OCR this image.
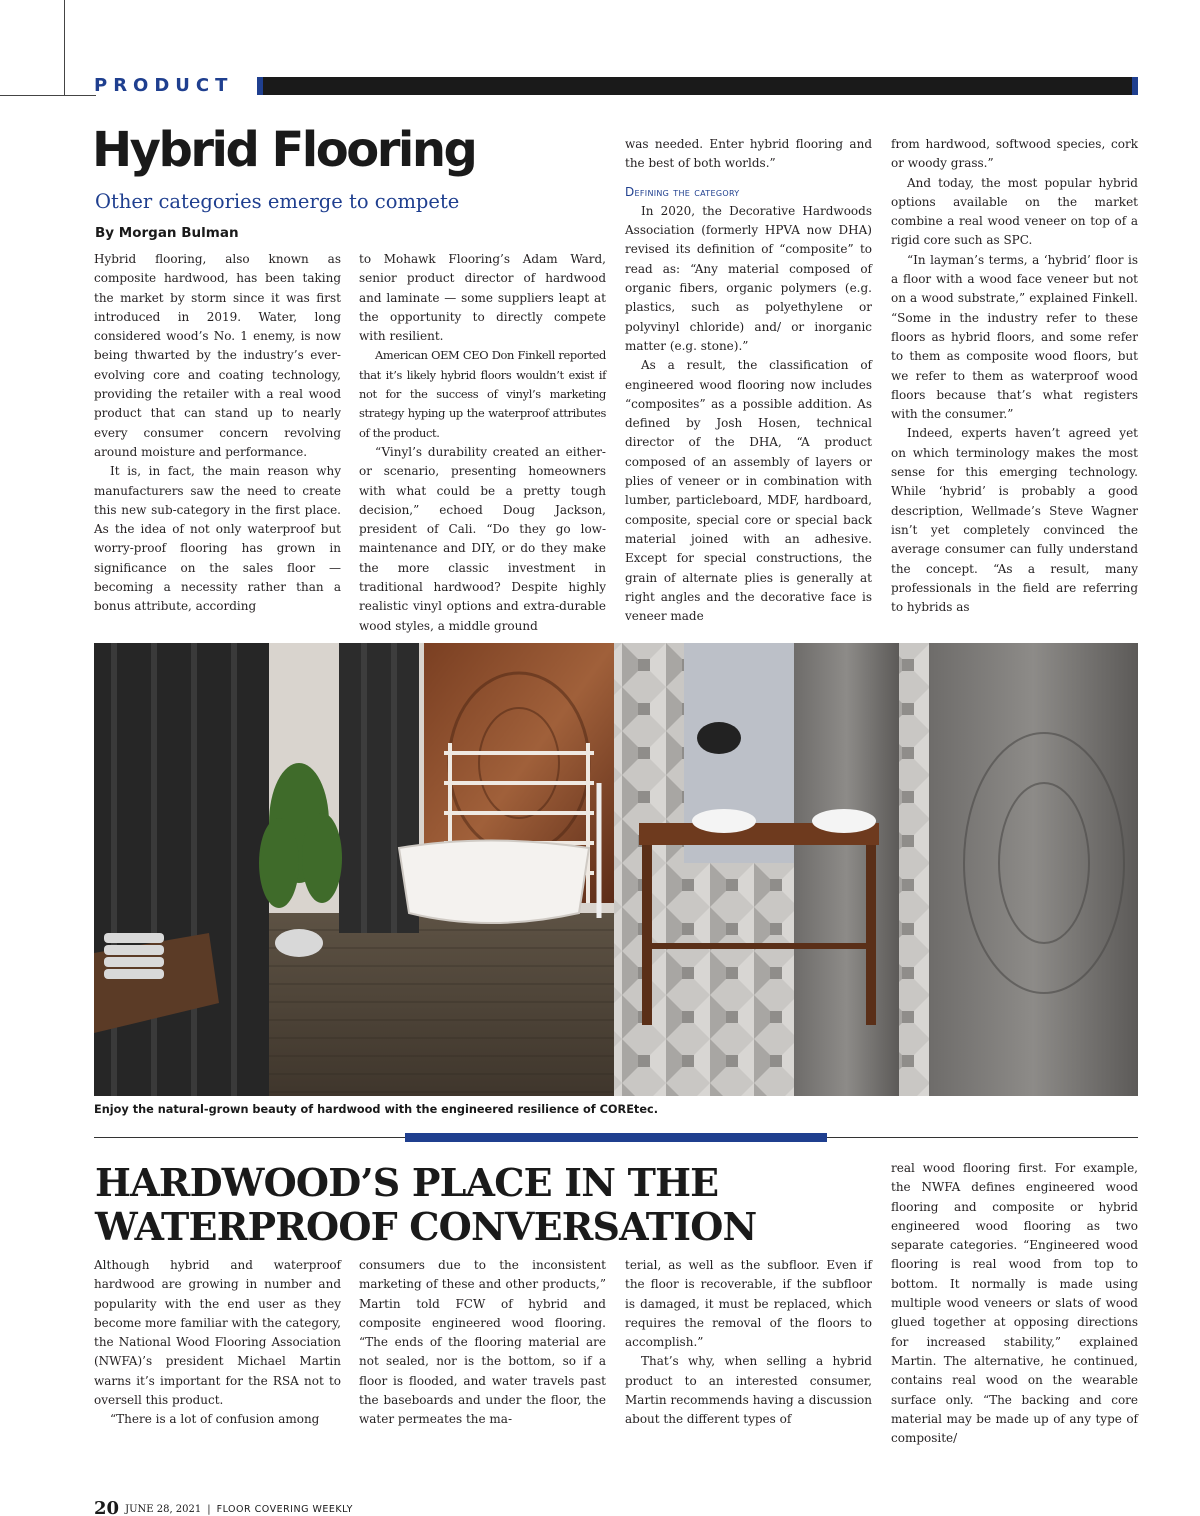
PRODUCT
Hybrid Flooring
Other categories emerge to compete
By Morgan Bulman

Hybrid flooring, also known as composite hardwood, has been taking the market by storm since it was first introduced in 2019. Water, long considered wood’s No. 1 enemy, is now being thwarted by the industry’s ever-evolving core and coating technology, providing the retailer with a real wood product that can stand up to nearly every consumer concern revolving around moisture and performance.

It is, in fact, the main reason why manufacturers saw the need to create this new sub-category in the first place. As the idea of not only waterproof but worry-proof flooring has grown in significance on the sales floor — becoming a necessity rather than a bonus attribute, according

to Mohawk Flooring’s Adam Ward, senior product director of hardwood and laminate — some suppliers leapt at the opportunity to directly compete with resilient.

American OEM CEO Don Finkell reported that it’s likely hybrid floors wouldn’t exist if not for the success of vinyl’s marketing strategy hyping up the waterproof attributes of the product.

“Vinyl’s durability created an either-or scenario, presenting homeowners with what could be a pretty tough decision,” echoed Doug Jackson, president of Cali. “Do they go low-maintenance and DIY, or do they make the more classic investment in traditional hardwood? Despite highly realistic vinyl options and extra-durable wood styles, a middle ground

was needed. Enter hybrid flooring and the best of both worlds.”

Defining the category

In 2020, the Decorative Hardwoods Association (formerly HPVA now DHA) revised its definition of “composite” to read as: “Any material composed of organic fibers, organic polymers (e.g. plastics, such as polyethylene or polyvinyl chloride) and/ or inorganic matter (e.g. stone).”

As a result, the classification of engineered wood flooring now includes “composites” as a possible addition. As defined by Josh Hosen, technical director of the DHA, “A product composed of an assembly of layers or plies of veneer or in combination with lumber, particleboard, MDF, hardboard, composite, special core or special back material joined with an adhesive. Except for special constructions, the grain of alternate plies is generally at right angles and the decorative face is veneer made

from hardwood, softwood species, cork or woody grass.”

And today, the most popular hybrid options available on the market combine a real wood veneer on top of a rigid core such as SPC.

“In layman’s terms, a ‘hybrid’ floor is a floor with a wood face veneer but not on a wood substrate,” explained Finkell. “Some in the industry refer to these floors as hybrid floors, and some refer to them as composite wood floors, but we refer to them as waterproof wood floors because that’s what registers with the consumer.”

Indeed, experts haven’t agreed yet on which terminology makes the most sense for this emerging technology. While ‘hybrid’ is probably a good description, Wellmade’s Steve Wagner isn’t yet completely convinced the average consumer can fully understand the concept. “As a result, many professionals in the field are referring to hybrids as

Enjoy the natural-grown beauty of hardwood with the engineered resilience of COREtec.
HARDWOOD’S PLACE IN THE WATERPROOF CONVERSATION

Although hybrid and waterproof hardwood are growing in number and popularity with the end user as they become more familiar with the category, the National Wood Flooring Association (NWFA)’s president Michael Martin warns it’s important for the RSA not to oversell this product.

“There is a lot of confusion among

consumers due to the inconsistent marketing of these and other products,” Martin told FCW of hybrid and composite engineered wood flooring. “The ends of the flooring material are not sealed, nor is the bottom, so if a floor is flooded, and water travels past the baseboards and under the floor, the water permeates the ma-

terial, as well as the subfloor. Even if the floor is recoverable, if the subfloor is damaged, it must be replaced, which requires the removal of the floors to accomplish.”

That’s why, when selling a hybrid product to an interested consumer, Martin recommends having a discussion about the different types of

real wood flooring first. For example, the NWFA defines engineered wood flooring and composite or hybrid engineered wood flooring as two separate categories. “Engineered wood flooring is real wood from top to bottom. It normally is made using multiple wood veneers or slats of wood glued together at opposing directions for increased stability,” explained Martin. The alternative, he continued, contains real wood on the wearable surface only. “The backing and core material may be made up of any type of composite/

20 JUNE 28, 2021 | FLOOR COVERING WEEKLY
